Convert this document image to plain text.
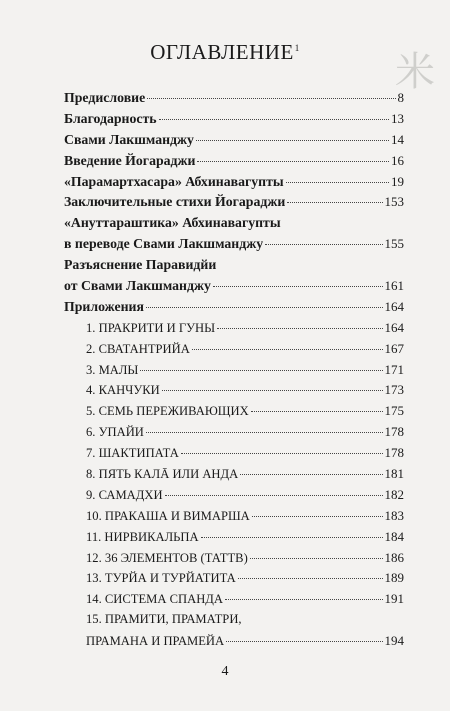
米
ОГЛАВЛЕНИЕ$^1$
Предисловие	8
Благодарность	13
Свами Лакшманджу	14
Введение Йогараджи	16
«Парамартхасара» Абхинавагупты	19
Заключительные стихи Йогараджи	153
«Ануттараштика» Абхинавагупты
в переводе Свами Лакшманджу	155
Разъяснение Паравидйи
от Свами Лакшманджу	161
Приложения	164
1. ПРАКРИТИ И ГУНЫ	164
2. СВАТАНТРИЙА	167
3. МАЛЫ	171
4. КАНЧУКИ	173
5. СЕМЬ ПЕРЕЖИВАЮЩИХ	175
6. УПАЙИ	178
7. ШАКТИПАТА	178
8. ПЯТЬ КАЛĀ ИЛИ АНДА	181
9. САМАДХИ	182
10. ПРАКАША И ВИМАРША	183
11. НИРВИКАЛЬПА	184
12. 36 ЭЛЕМЕНТОВ (ТАТТВ)	186
13. ТУРЙА И ТУРЙАТИТА	189
14. СИСТЕМА СПАНДА	191
15. ПРАМИТИ, ПРАМАТРИ,
ПРАМАНА И ПРАМЕЙА	194
4
